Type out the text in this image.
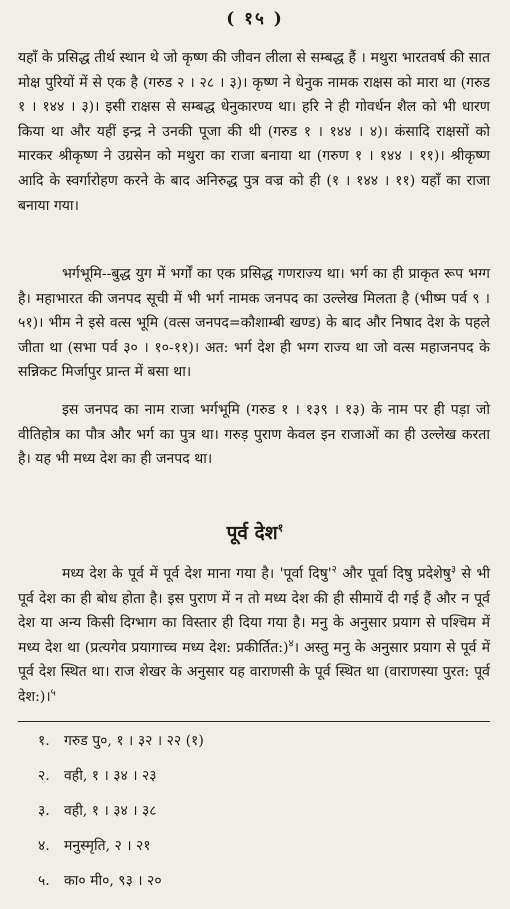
( १५ )

यहाँ के प्रसिद्ध तीर्थ स्थान थे जो कृष्ण की जीवन लीला से सम्बद्ध हैं । मथुरा भारतवर्ष की सात मोक्ष पुरियों में से एक है (गरुड २ । २८ । ३)। कृष्ण ने धेनुक नामक राक्षस को मारा था (गरुड १ । १४४ । ३)। इसी राक्षस से सम्बद्ध धेनुकारण्य था। हरि ने ही गोवर्धन शैल को भी धारण किया था और यहीं इन्द्र ने उनकी पूजा की थी (गरुड १ । १४४ । ४)। कंसादि राक्षसों को मारकर श्रीकृष्ण ने उग्रसेन को मथुरा का राजा बनाया था (गरुण १ । १४४ । ११)। श्रीकृष्ण आदि के स्वर्गारोहण करने के बाद अनिरुद्ध पुत्र वज्र को ही (१ । १४४ । ११) यहाँ का राजा बनाया गया।

भर्गभूमि--बुद्ध युग में भर्गों का एक प्रसिद्ध गणराज्य था। भर्ग का ही प्राकृत रूप भग्ग है। महाभारत की जनपद सूची में भी भर्ग नामक जनपद का उल्लेख मिलता है (भीष्म पर्व ९ । ५१)। भीम ने इसे वत्स भूमि (वत्स जनपद=कौशाम्बी खण्ड) के बाद और निषाद देश के पहले जीता था (सभा पर्व ३० । १०-११)। अत: भर्ग देश ही भग्ग राज्य था जो वत्स महाजनपद के सन्निकट मिर्जापुर प्रान्त में बसा था।

इस जनपद का नाम राजा भर्गभूमि (गरुड १ । १३९ । १३) के नाम पर ही पड़ा जो वीतिहोत्र का पौत्र और भर्ग का पुत्र था। गरुड़ पुराण केवल इन राजाओं का ही उल्लेख करता है। यह भी मध्य देश का ही जनपद था।

पूर्व देश$^१$

मध्य देश के पूर्व में पूर्व देश माना गया है। 'पूर्वा $दिषु'^२$ और पूर्वा दिषु प्रदेशेषु$^३$ से भी पूर्व देश का ही बोध होता है। इस पुराण में न तो मध्य देश की ही सीमायें दी गई हैं और न पूर्व देश या अन्य किसी दिग्भाग का विस्तार ही दिया गया है। मनु के अनुसार प्रयाग से पश्चिम में मध्य देश था (प्रत्यगेव प्रयागाच्च मध्य देश: प्रकीर्तित:)$^४$। अस्तु मनु के अनुसार प्रयाग से पूर्व में पूर्व देश स्थित था। राज शेखर के अनुसार यह वाराणसी के पूर्व स्थित था (वाराणस्या पुरत: पूर्व देश:)।$^५$

१. गरुड पु०, १ । ३२ । २२ (१)
२. वही, १ । ३४ । २३
३. वही, १ । ३४ । ३८
४. मनुस्मृति, २ । २१
५. का० मी०, ९३ । २०
